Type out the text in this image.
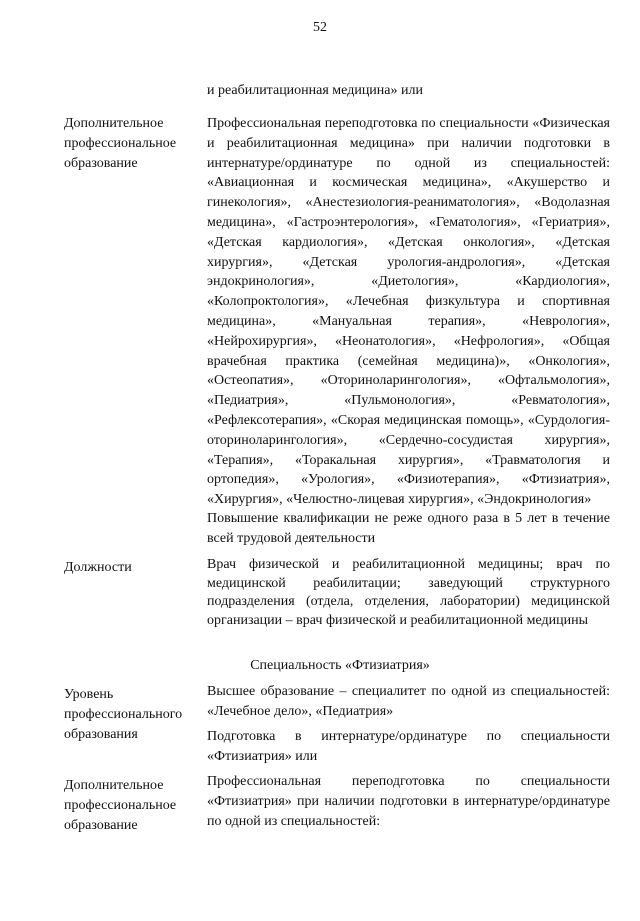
52
и реабилитационная медицина» или
Дополнительное профессиональное образование
Профессиональная переподготовка по специальности «Физическая и реабилитационная медицина» при наличии подготовки в интернатуре/ординатуре по одной из специальностей: «Авиационная и космическая медицина», «Акушерство и гинекология», «Анестезиология-реаниматология», «Водолазная медицина», «Гастроэнтерология», «Гематология», «Гериатрия», «Детская кардиология», «Детская онкология», «Детская хирургия», «Детская урология-андрология», «Детская эндокринология», «Диетология», «Кардиология», «Колопроктология», «Лечебная физкультура и спортивная медицина», «Мануальная терапия», «Неврология», «Нейрохирургия», «Неонатология», «Нефрология», «Общая врачебная практика (семейная медицина)», «Онкология», «Остеопатия», «Оториноларингология», «Офтальмология», «Педиатрия», «Пульмонология», «Ревматология», «Рефлексотерапия», «Скорая медицинская помощь», «Сурдология-оториноларингология», «Сердечно-сосудистая хирургия», «Терапия», «Торакальная хирургия», «Травматология и ортопедия», «Урология», «Физиотерапия», «Фтизиатрия», «Хирургия», «Челюстно-лицевая хирургия», «Эндокринология»
Повышение квалификации не реже одного раза в 5 лет в течение всей трудовой деятельности
Должности	Врач физической и реабилитационной медицины; врач по медицинской реабилитации; заведующий структурного подразделения (отдела, отделения, лаборатории) медицинской организации – врач физической и реабилитационной медицины
Специальность «Фтизиатрия»
Уровень профессионального образования
Высшее образование – специалитет по одной из специальностей: «Лечебное дело», «Педиатрия»
Подготовка в интернатуре/ординатуре по специальности «Фтизиатрия» или
Дополнительное профессиональное образование
Профессиональная переподготовка по специальности «Фтизиатрия» при наличии подготовки в интернатуре/ординатуре по одной из специальностей:
